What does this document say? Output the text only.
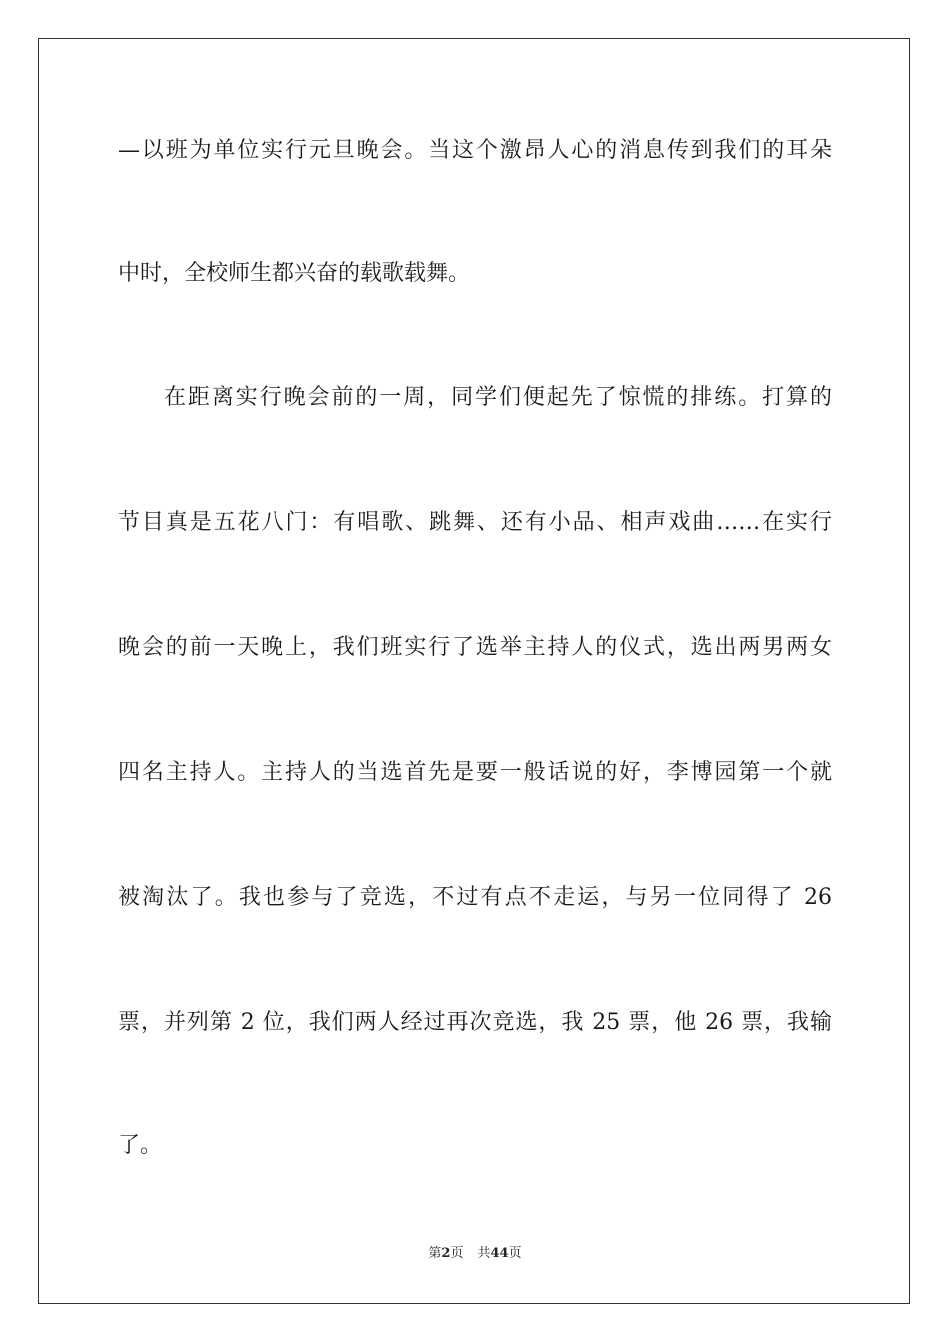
—以班为单位实行元旦晚会。当这个激昂人心的消息传到我们的耳朵

中时，全校师生都兴奋的载歌载舞。

在距离实行晚会前的一周，同学们便起先了惊慌的排练。打算的

节目真是五花八门：有唱歌、跳舞、还有小品、相声戏曲……在实行

晚会的前一天晚上，我们班实行了选举主持人的仪式，选出两男两女

四名主持人。主持人的当选首先是要一般话说的好，李博园第一个就

被淘汰了。我也参与了竞选，不过有点不走运，与另一位同得了 26

票，并列第 2 位，我们两人经过再次竞选，我 25 票，他 26 票，我输

了。

第2页 共44页
